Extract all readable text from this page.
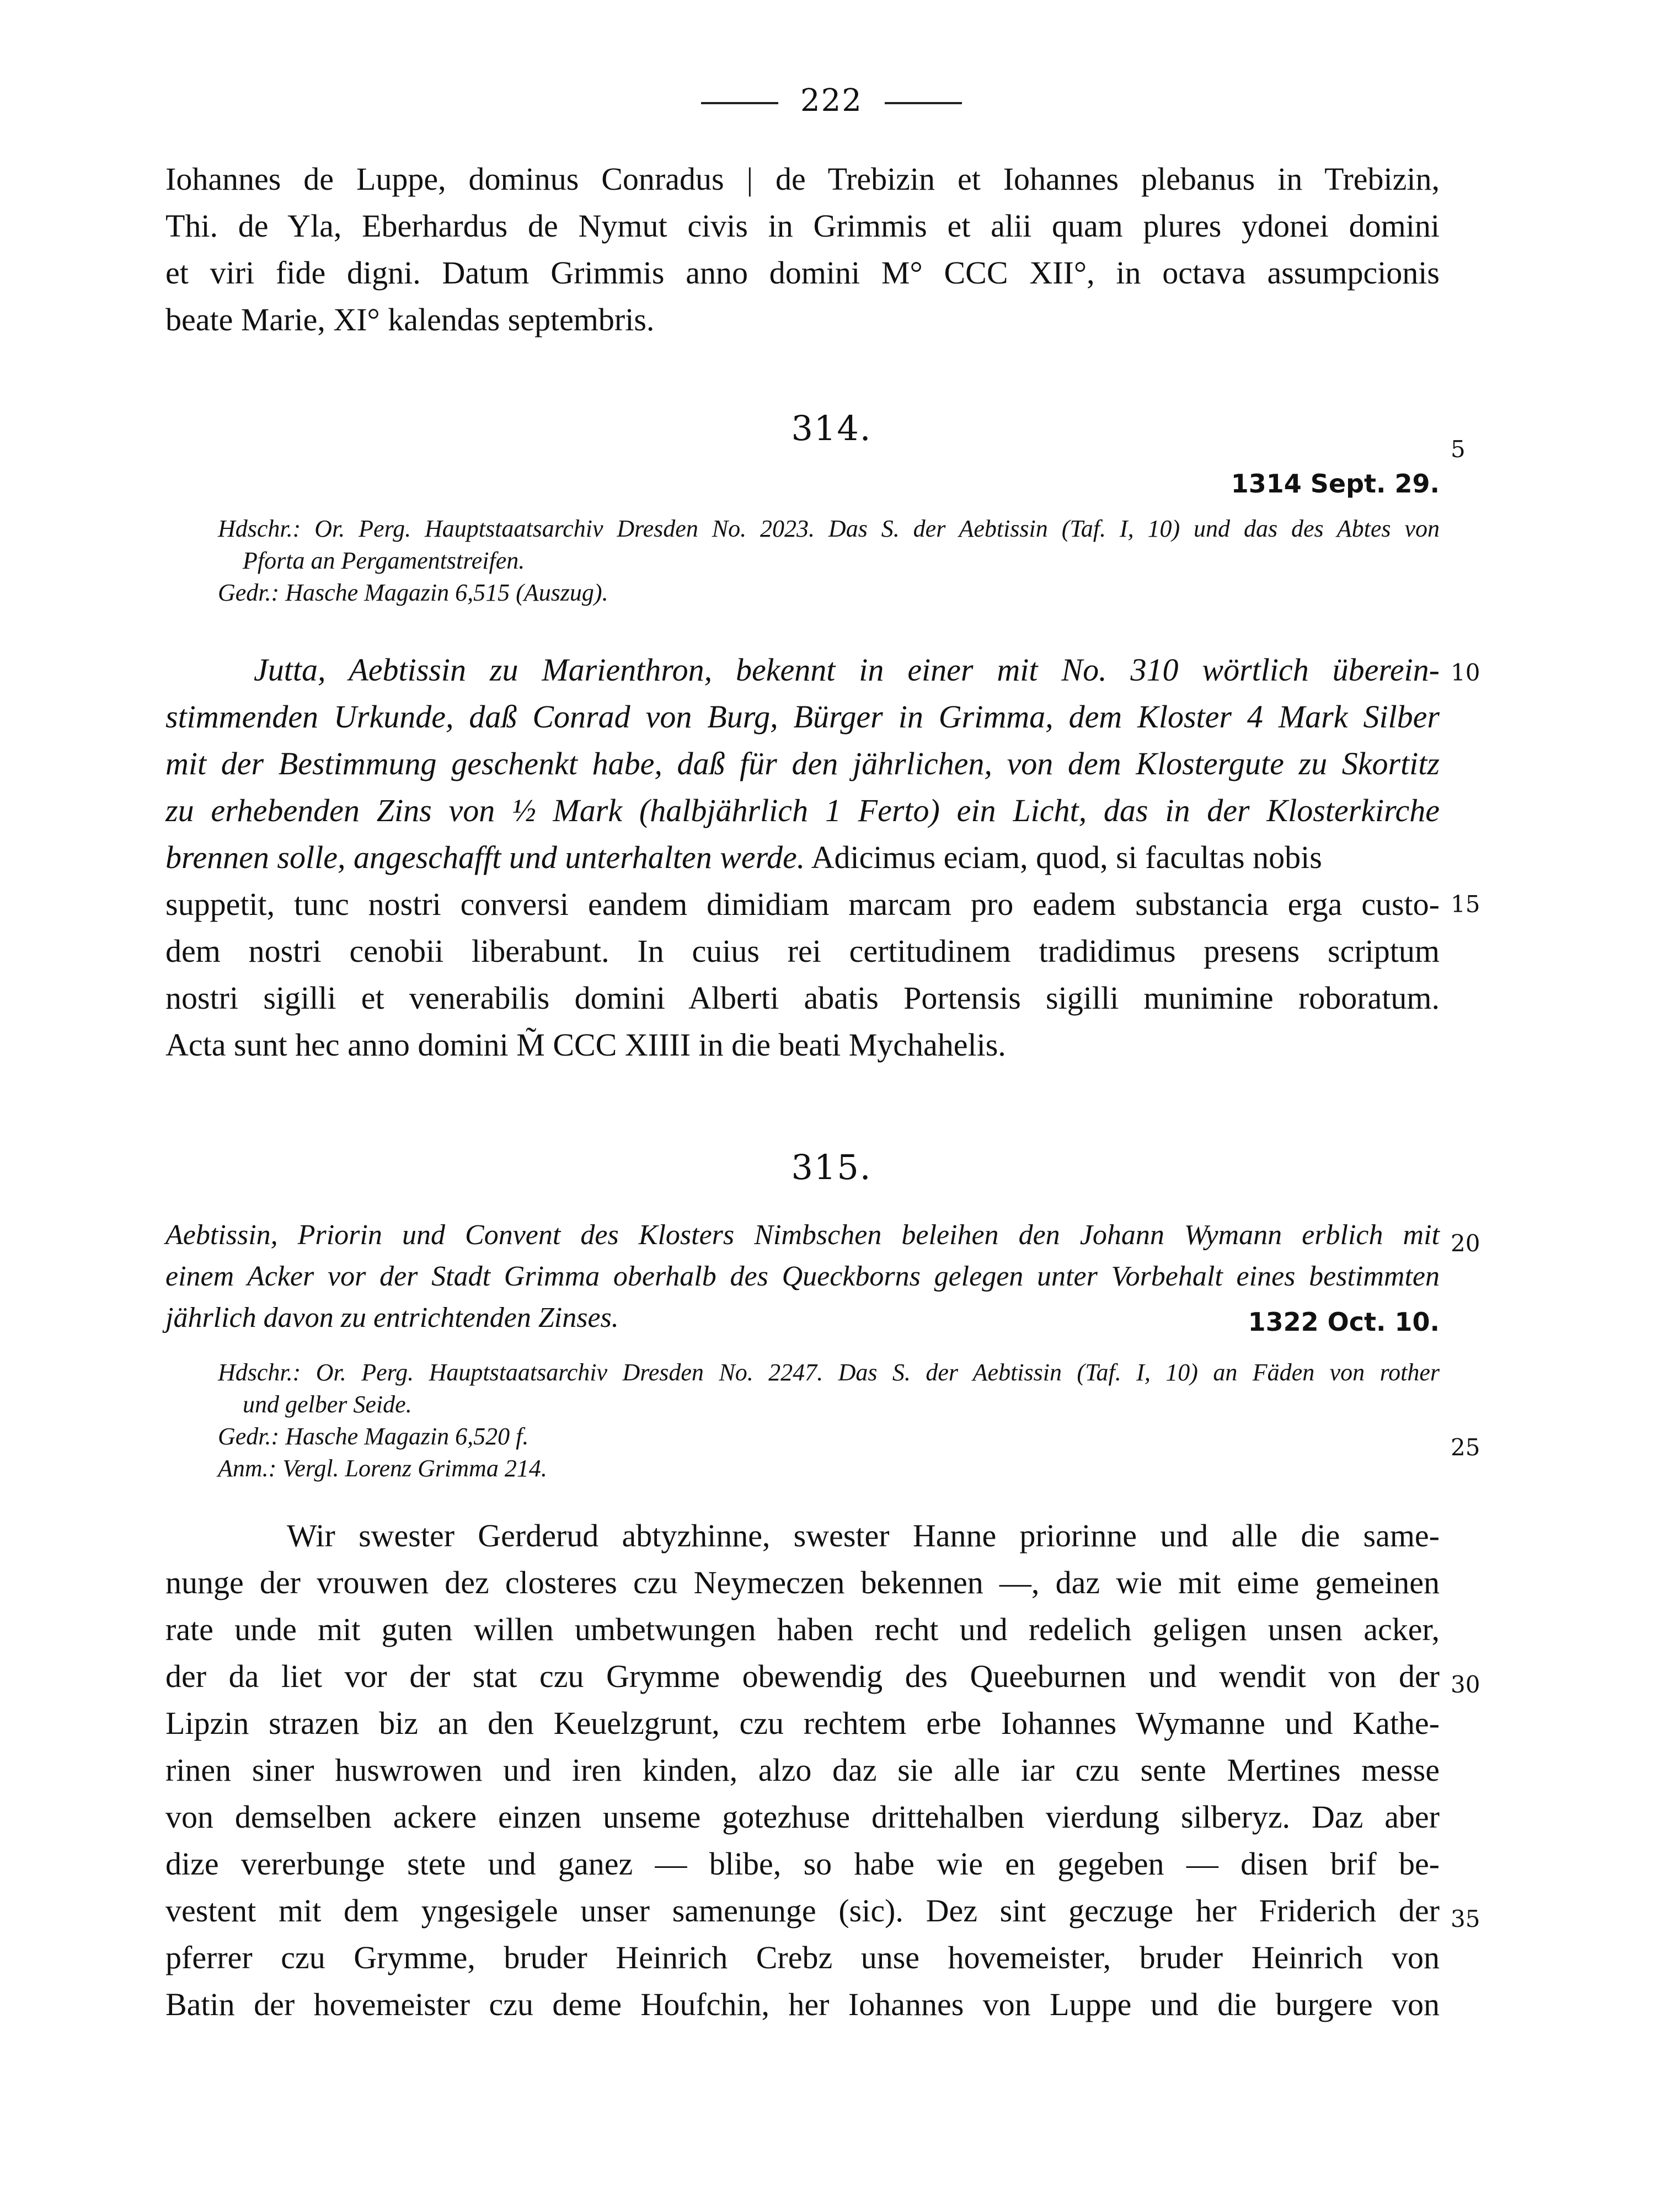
222
Iohannes de Luppe, dominus Conradus | de Trebizin et Iohannes plebanus in Trebizin,
Thi. de Yla, Eberhardus de Nymut civis in Grimmis et alii quam plures ydonei domini
et viri fide digni. Datum Grimmis anno domini M° CCC XII°, in octava assumpcionis
beate Marie, XI° kalendas septembris.
314.
5
1314 Sept. 29.
Hdschr.: Or. Perg. Hauptstaatsarchiv Dresden No. 2023. Das S. der Aebtissin (Taf. I, 10) und das des Abtes von
Pforta an Pergamentstreifen.
Gedr.: Hasche Magazin 6,515 (Auszug).
Jutta, Aebtissin zu Marienthron, bekennt in einer mit No. 310 wörtlich überein- 10
stimmenden Urkunde, daß Conrad von Burg, Bürger in Grimma, dem Kloster 4 Mark Silber
mit der Bestimmung geschenkt habe, daß für den jährlichen, von dem Klostergute zu Skortitz
zu erhebenden Zins von ½ Mark (halbjährlich 1 Ferto) ein Licht, das in der Klosterkirche
brennen solle, angeschafft und unterhalten werde. Adicimus eciam, quod, si facultas nobis
suppetit, tunc nostri conversi eandem dimidiam marcam pro eadem substancia erga custo- 15
dem nostri cenobii liberabunt. In cuius rei certitudinem tradidimus presens scriptum
nostri sigilli et venerabilis domini Alberti abatis Portensis sigilli munimine roboratum.
Acta sunt hec anno domini M̃ CCC XIIII in die beati Mychahelis.
315.
Aebtissin, Priorin und Convent des Klosters Nimbschen beleihen den Johann Wymann erblich mit 20
einem Acker vor der Stadt Grimma oberhalb des Queckborns gelegen unter Vorbehalt eines bestimmten
jährlich davon zu entrichtenden Zinses.	1322 Oct. 10.
Hdschr.: Or. Perg. Hauptstaatsarchiv Dresden No. 2247. Das S. der Aebtissin (Taf. I, 10) an Fäden von rother
und gelber Seide.
Gedr.: Hasche Magazin 6,520 f.	25
Anm.: Vergl. Lorenz Grimma 214.
Wir swester Gerderud abtyzhinne, swester Hanne priorinne und alle die same-
nunge der vrouwen dez closteres czu Neymeczen bekennen —, daz wie mit eime gemeinen
rate unde mit guten willen umbetwungen haben recht und redelich geligen unsen acker,
der da liet vor der stat czu Grymme obewendig des Queeburnen und wendit von der 30
Lipzin strazen biz an den Keuelzgrunt, czu rechtem erbe Iohannes Wymanne und Kathe-
rinen siner huswrowen und iren kinden, alzo daz sie alle iar czu sente Mertines messe
von demselben ackere einzen unseme gotezhuse drittehalben vierdung silberyz. Daz aber
dize vererbunge stete und ganez — blibe, so habe wie en gegeben — disen brif be-
vestent mit dem yngesigele unser samenunge (sic). Dez sint geczuge her Friderich der 35
pferrer czu Grymme, bruder Heinrich Crebz unse hovemeister, bruder Heinrich von
Batin der hovemeister czu deme Houfchin, her Iohannes von Luppe und die burgere von
